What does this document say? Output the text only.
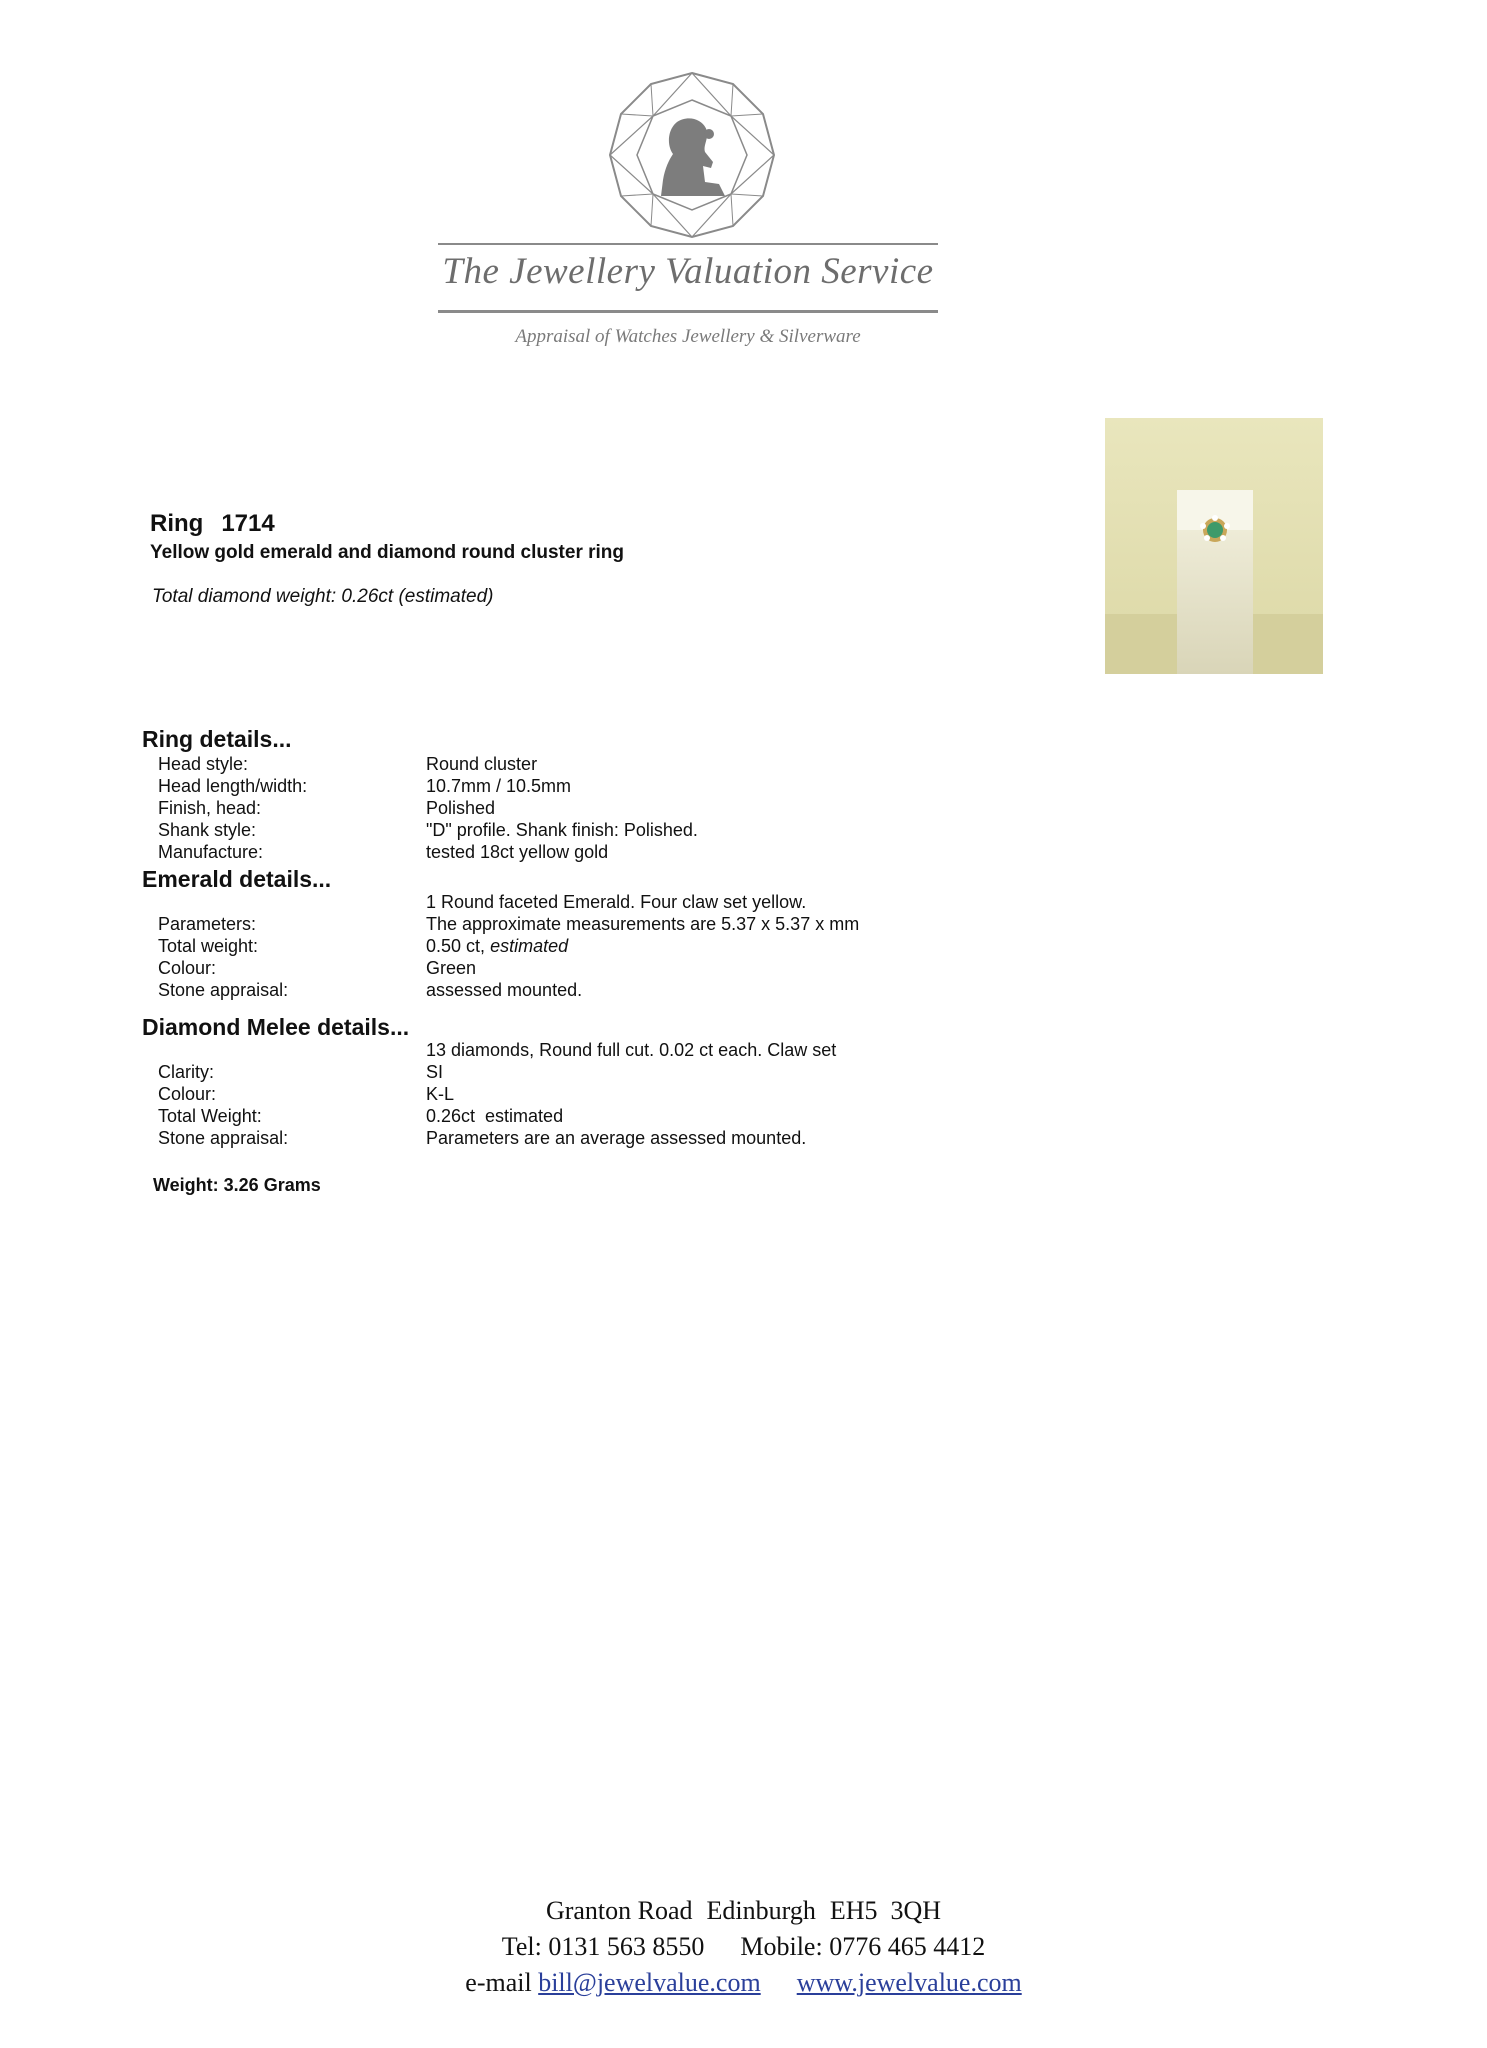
The Jewellery Valuation Service
Appraisal of Watches Jewellery & Silverware
Ring 1714
Yellow gold emerald and diamond round cluster ring
Total diamond weight: 0.26ct (estimated)
Ring details...
Head style:	Round cluster
Head length/width:	10.7mm / 10.5mm
Finish, head:	Polished
Shank style:	"D" profile. Shank finish: Polished.
Manufacture:	tested 18ct yellow gold
Emerald details...
1 Round faceted Emerald. Four claw set yellow.
Parameters:	The approximate measurements are 5.37 x 5.37 x mm
Total weight:	0.50 ct, estimated
Colour:	Green
Stone appraisal:	assessed mounted.
Diamond Melee details...
13 diamonds, Round full cut. 0.02 ct each. Claw set
Clarity:	SI
Colour:	K-L
Total Weight:	0.26ct  estimated
Stone appraisal:	Parameters are an average assessed mounted.
Weight: 3.26 Grams
Granton Road Edinburgh EH5  3QH
Tel: 0131 563 8550 Mobile: 0776 465 4412
e-mail bill@jewelvalue.com www.jewelvalue.com
